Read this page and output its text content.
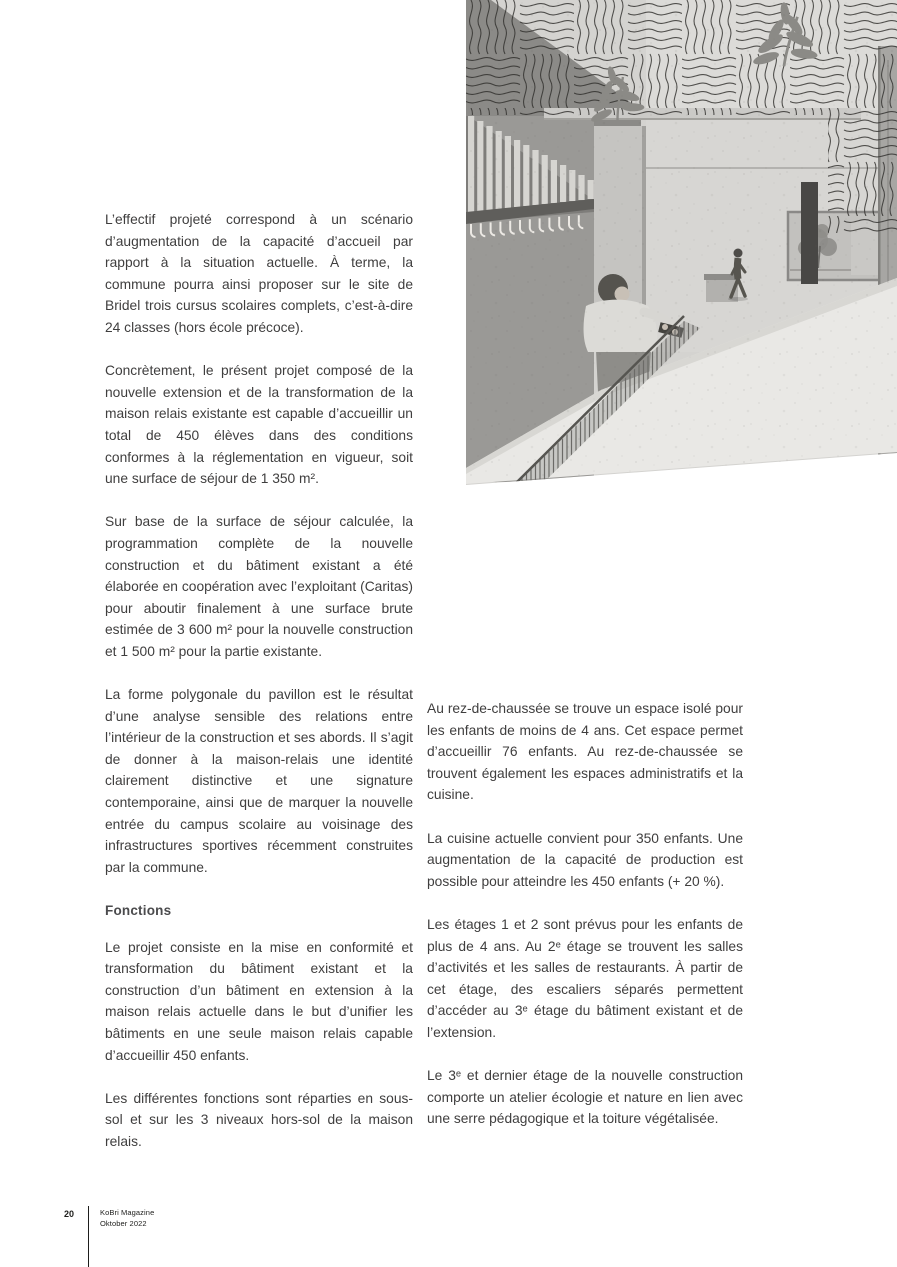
L’effectif projeté correspond à un scénario d’augmentation de la capacité d’accueil par rapport à la situation actuelle. À terme, la commune pourra ainsi proposer sur le site de Bridel trois cursus scolaires complets, c’est-à-dire 24 classes (hors école précoce).

Concrètement, le présent projet composé de la nouvelle extension et de la transformation de la maison relais existante est capable d’accueillir un total de 450 élèves dans des conditions conformes à la réglementation en vigueur, soit une surface de séjour de 1 350 m².

Sur base de la surface de séjour calculée, la programmation complète de la nouvelle construction et du bâtiment existant a été élaborée en coopération avec l’exploitant (Caritas) pour aboutir finalement à une surface brute estimée de 3 600 m² pour la nouvelle construction et 1 500 m² pour la partie existante.

La forme polygonale du pavillon est le résultat d’une analyse sensible des relations entre l’intérieur de la construction et ses abords. Il s’agit de donner à la maison-relais une identité clairement distinctive et une signature contemporaine, ainsi que de marquer la nouvelle entrée du campus scolaire au voisinage des infrastructures sportives récemment construites par la commune.

Fonctions

Le projet consiste en la mise en conformité et transformation du bâtiment existant et la construction d’un bâtiment en extension à la maison relais actuelle dans le but d’unifier les bâtiments en une seule maison relais capable d’accueillir 450 enfants.

Les différentes fonctions sont réparties en sous-sol et sur les 3 niveaux hors-sol de la maison relais.

Au rez-de-chaussée se trouve un espace isolé pour les enfants de moins de 4 ans. Cet espace permet d’accueillir 76 enfants. Au rez-de-chaussée se trouvent également les espaces administratifs et la cuisine.

La cuisine actuelle convient pour 350 enfants. Une augmentation de la capacité de production est possible pour atteindre les 450 enfants (+ 20 %).

Les étages 1 et 2 sont prévus pour les enfants de plus de 4 ans. Au 2ᵉ étage se trouvent les salles d’activités et les salles de restaurants. À partir de cet étage, des escaliers séparés permettent d’accéder au 3ᵉ étage du bâtiment existant et de l’extension.

Le 3ᵉ et dernier étage de la nouvelle construction comporte un atelier écologie et nature en lien avec une serre pédagogique et la toiture végétalisée.

20	KoBri Magazine
Oktober 2022
